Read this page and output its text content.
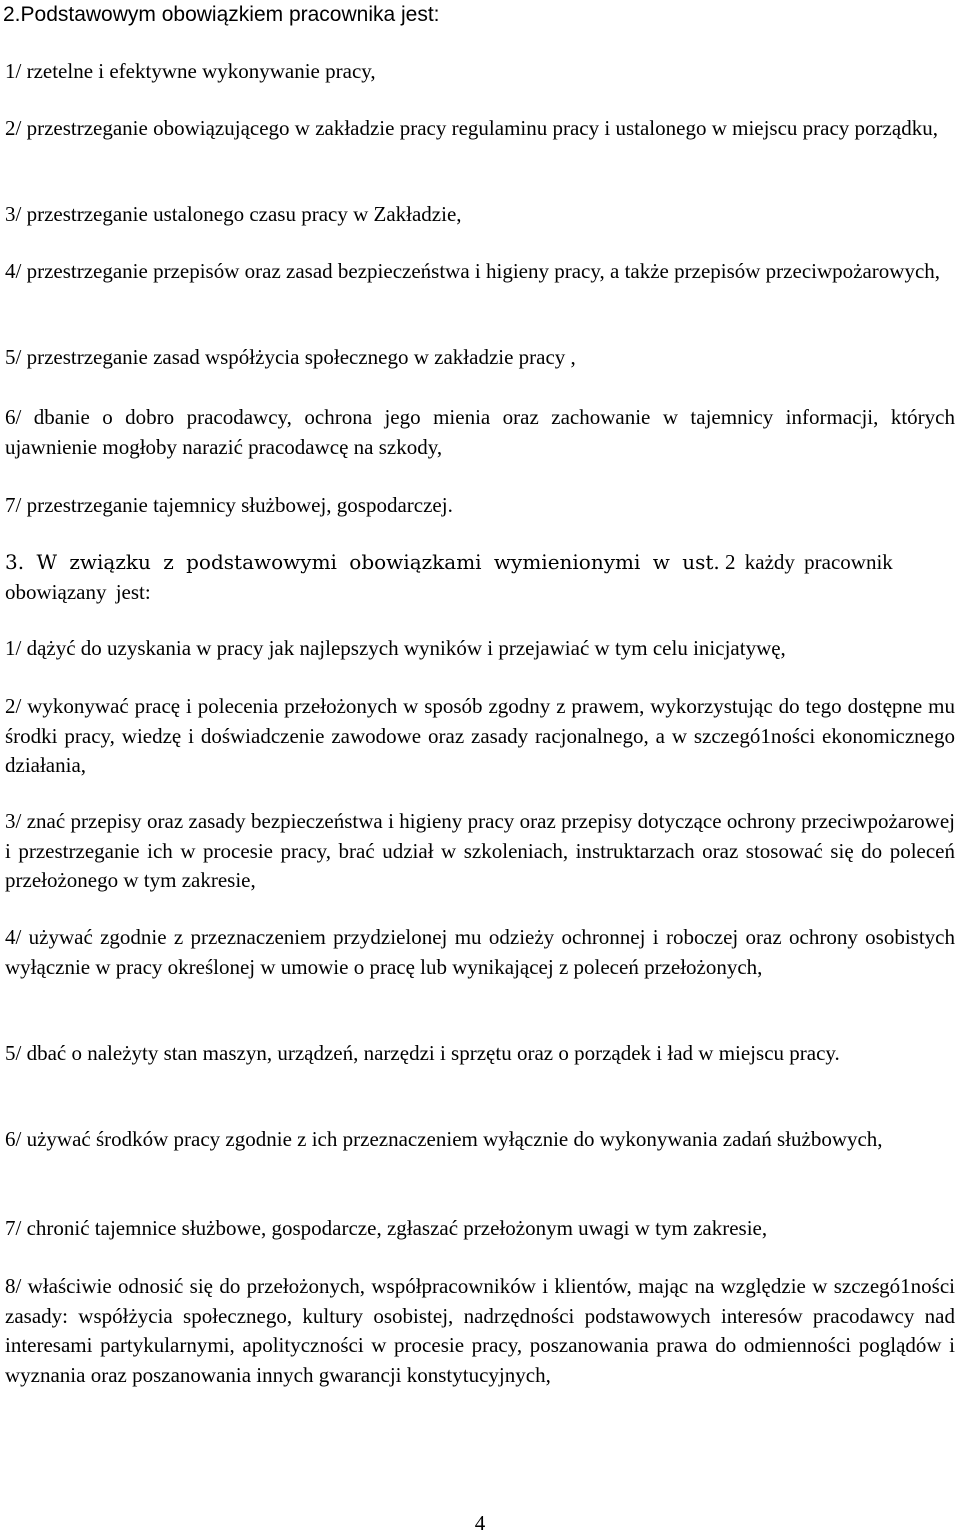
2.Podstawowym obowiązkiem pracownika jest:

1/ rzetelne i efektywne wykonywanie pracy,

2/ przestrzeganie obowiązującego w zakładzie pracy regulaminu pracy i ustalonego w miejscu pracy porządku,

3/ przestrzeganie ustalonego czasu pracy w Zakładzie,

4/ przestrzeganie przepisów oraz zasad bezpieczeństwa i higieny pracy, a także przepisów przeciwpożarowych,

5/ przestrzeganie zasad współżycia społecznego w zakładzie pracy ,

6/ dbanie o dobro pracodawcy, ochrona jego mienia oraz zachowanie w tajemnicy informacji, których ujawnienie mogłoby narazić pracodawcę na szkody,

7/ przestrzeganie tajemnicy służbowej, gospodarczej.

3. W związku z podstawowymi obowiązkami wymienionymi w ust. 2 każdy pracownik obowiązany jest:

1/ dążyć do uzyskania w pracy jak najlepszych wyników i przejawiać w tym celu inicjatywę,

2/ wykonywać pracę i polecenia przełożonych w sposób zgodny z prawem, wykorzystując do tego dostępne mu środki pracy, wiedzę i doświadczenie zawodowe oraz zasady racjonalnego, a w szczegó1ności ekonomicznego działania,

3/ znać przepisy oraz zasady bezpieczeństwa i higieny pracy oraz przepisy dotyczące ochrony przeciwpożarowej i przestrzeganie ich w procesie pracy, brać udział w szkoleniach, instruktarzach oraz stosować się do poleceń przełożonego w tym zakresie,

4/ używać zgodnie z przeznaczeniem przydzielonej mu odzieży ochronnej i roboczej oraz ochrony osobistych wyłącznie w pracy określonej w umowie o pracę lub wynikającej z poleceń przełożonych,

5/ dbać o należyty stan maszyn, urządzeń, narzędzi i sprzętu oraz o porządek i ład w miejscu pracy.

6/ używać środków pracy zgodnie z ich przeznaczeniem wyłącznie do wykonywania zadań służbowych,

7/ chronić tajemnice służbowe, gospodarcze, zgłaszać przełożonym uwagi w tym zakresie,

8/ właściwie odnosić się do przełożonych, współpracowników i klientów, mając na względzie w szczegó1ności zasady: współżycia społecznego, kultury osobistej, nadrzędności podstawowych interesów pracodawcy nad interesami partykularnymi, apolityczności w procesie pracy, poszanowania prawa do odmienności poglądów i wyznania oraz poszanowania innych gwarancji konstytucyjnych,

4
